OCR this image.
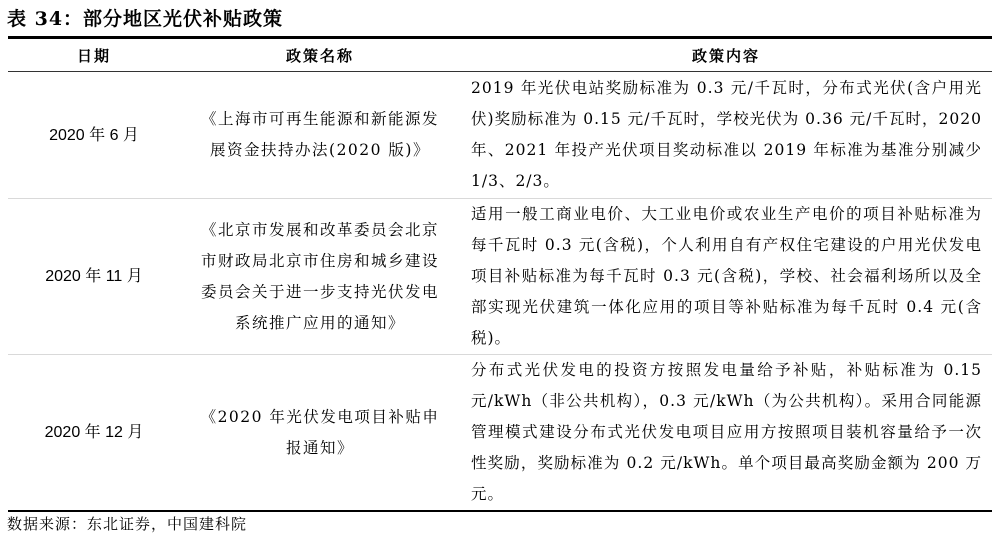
表 34：部分地区光伏补贴政策
日期	政策名称	政策内容
2020 年 6 月	《上海市可再生能源和新能源发展资金扶持办法(2020 版)》	2019 年光伏电站奖励标准为 0.3 元/千瓦时，分布式光伏(含户用光伏)奖励标准为 0.15 元/千瓦时，学校光伏为 0.36 元/千瓦时，2020 年、2021 年投产光伏项目奖动标准以 2019 年标准为基准分别减少 1/3、2/3。
2020 年 11 月	《北京市发展和改革委员会北京市财政局北京市住房和城乡建设委员会关于进一步支持光伏发电系统推广应用的通知》	适用一般工商业电价、大工业电价或农业生产电价的项目补贴标准为每千瓦时 0.3 元(含税)，个人利用自有产权住宅建设的户用光伏发电项目补贴标准为每千瓦时 0.3 元(含税)，学校、社会福利场所以及全部实现光伏建筑一体化应用的项目等补贴标准为每千瓦时 0.4 元(含税)。
2020 年 12 月	《2020 年光伏发电项目补贴申报通知》	分布式光伏发电的投资方按照发电量给予补贴，补贴标准为 0.15 元/kWh（非公共机构），0.3 元/kWh（为公共机构）。采用合同能源管理模式建设分布式光伏发电项目应用方按照项目装机容量给予一次性奖励，奖励标准为 0.2 元/kWh。单个项目最高奖励金额为 200 万元。
数据来源：东北证券，中国建科院
